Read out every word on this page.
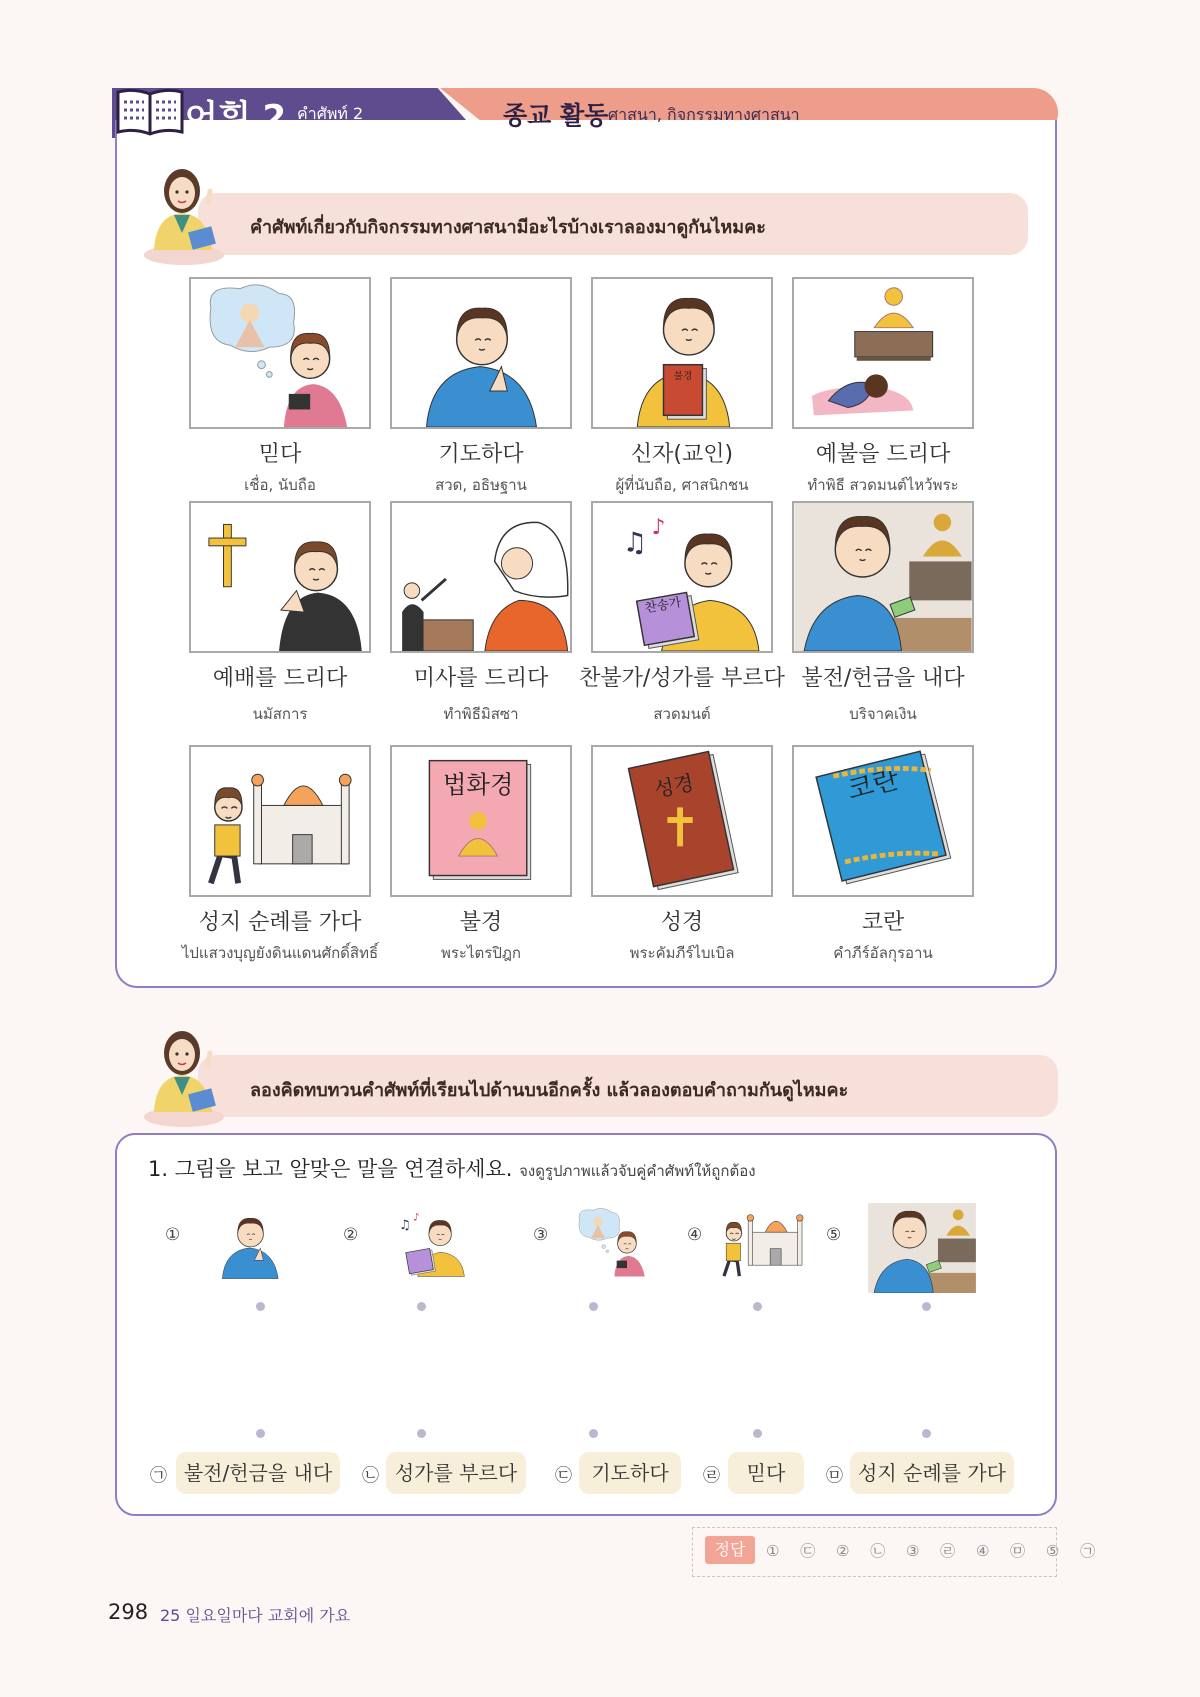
어휘 2 คำศัพท์ 2	종교 활동 ศาสนา, กิจกรรมทางศาสนา
คำศัพท์เกี่ยวกับกิจกรรมทางศาสนามีอะไรบ้างเราลองมาดูกันไหมคะ
믿다
เชื่อ, นับถือ
기도하다
สวด, อธิษฐาน
불경
신자(교인)
ผู้ที่นับถือ, ศาสนิกชน
예불을 드리다
ทำพิธี สวดมนต์ไหว้พระ
예배를 드리다
นมัสการ
미사를 드리다
ทำพิธีมิสซา
♫
♪
찬송가
찬불가/성가를 부르다
สวดมนต์
불전/헌금을 내다
บริจาคเงิน
성지 순례를 가다
ไปแสวงบุญยังดินแดนศักดิ์สิทธิ์
법화경
불경
พระไตรปิฎก
성경
성경
พระคัมภีร์ไบเบิล
코란
코란
คำภีร์อัลกุรอาน
ลองคิดทบทวนคำศัพท์ที่เรียนไปด้านบนอีกครั้ง แล้วลองตอบคำถามกันดูไหมคะ
1. 그림을 보고 알맞은 말을 연결하세요. จงดูรูปภาพแล้วจับคู่คำศัพท์ให้ถูกต้อง
①	② ♫
♪
③	④	⑤
㉠ 불전/헌금을 내다	㉡ 성가를 부르다	㉢ 기도하다	㉣	믿다	㉤ 성지 순례를 가다
정답	① ㉢ ② ㉡ ③ ㉣ ④ ㉤ ⑤ ㉠
298 25 일요일마다 교회에 가요
